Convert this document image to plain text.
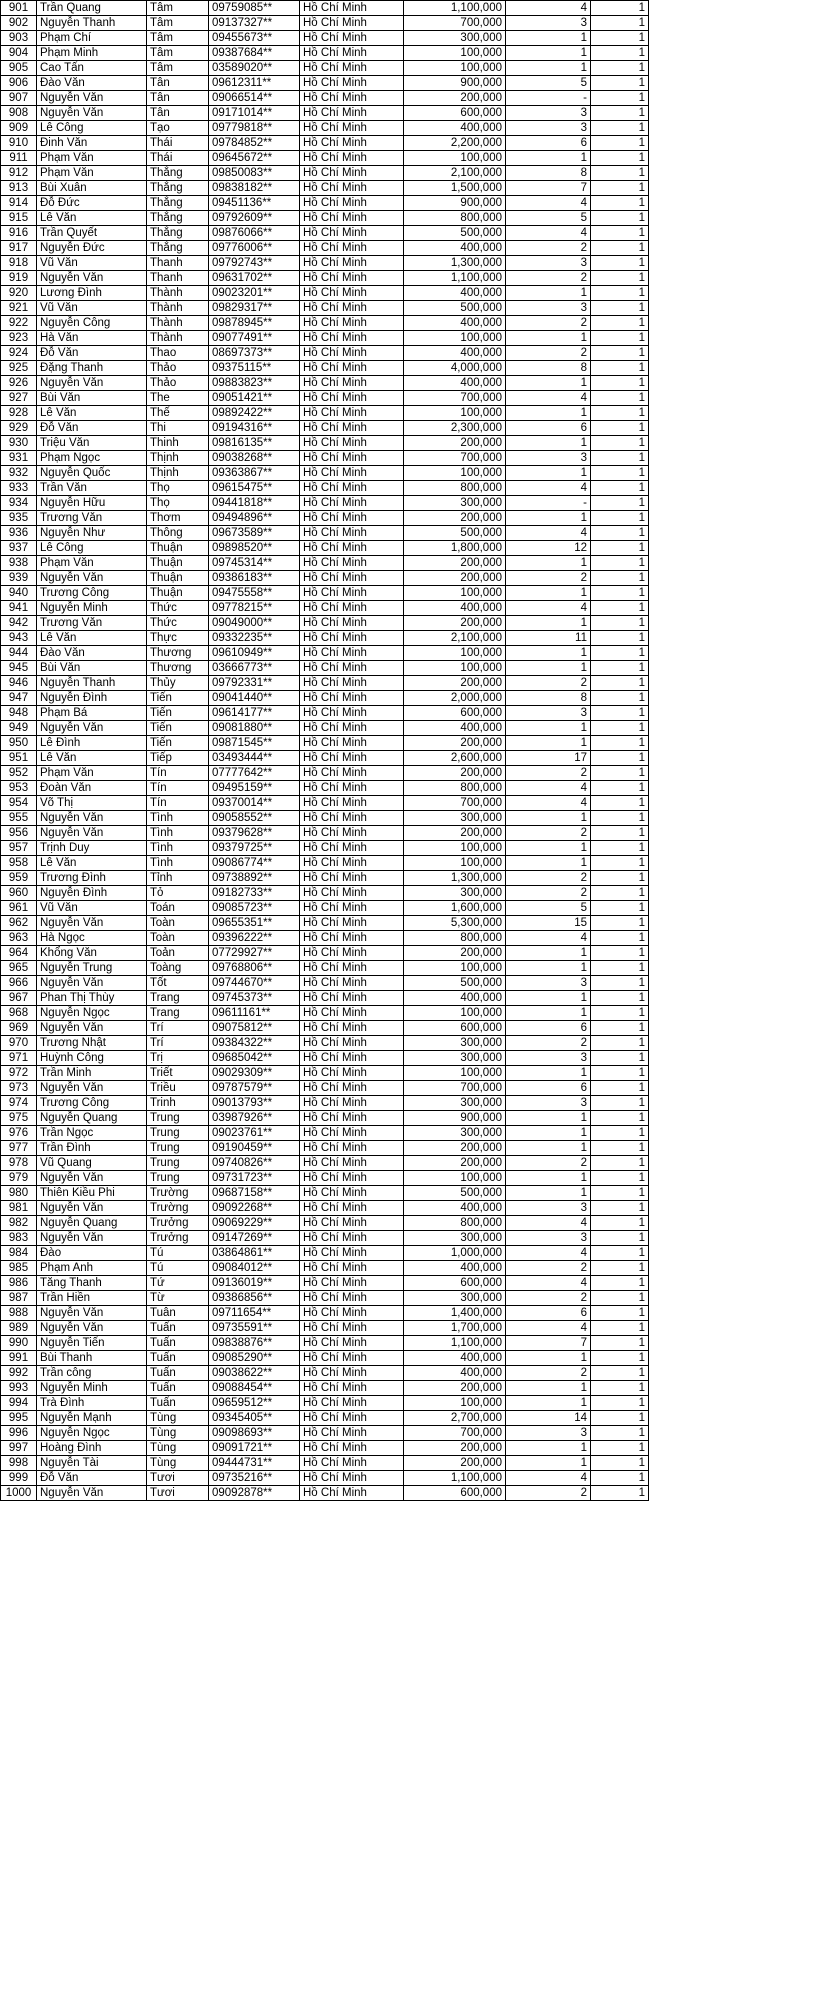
901	Trần Quang	Tâm	09759085**	Hồ Chí Minh	1,100,000	4	1
902	Nguyễn Thanh	Tâm	09137327**	Hồ Chí Minh	700,000	3	1
903	Phạm Chí	Tâm	09455673**	Hồ Chí Minh	300,000	1	1
904	Phạm Minh	Tâm	09387684**	Hồ Chí Minh	100,000	1	1
905	Cao Tấn	Tâm	03589020**	Hồ Chí Minh	100,000	1	1
906	Đào Văn	Tân	09612311**	Hồ Chí Minh	900,000	5	1
907	Nguyễn Văn	Tân	09066514**	Hồ Chí Minh	200,000	-	1
908	Nguyễn Văn	Tân	09171014**	Hồ Chí Minh	600,000	3	1
909	Lê Công	Tạo	09779818**	Hồ Chí Minh	400,000	3	1
910	Đinh Văn	Thái	09784852**	Hồ Chí Minh	2,200,000	6	1
911	Phạm Văn	Thái	09645672**	Hồ Chí Minh	100,000	1	1
912	Phạm Văn	Thắng	09850083**	Hồ Chí Minh	2,100,000	8	1
913	Bùi Xuân	Thắng	09838182**	Hồ Chí Minh	1,500,000	7	1
914	Đỗ Đức	Thắng	09451136**	Hồ Chí Minh	900,000	4	1
915	Lê Văn	Thắng	09792609**	Hồ Chí Minh	800,000	5	1
916	Trần Quyết	Thắng	09876066**	Hồ Chí Minh	500,000	4	1
917	Nguyễn Đức	Thắng	09776006**	Hồ Chí Minh	400,000	2	1
918	Vũ Văn	Thanh	09792743**	Hồ Chí Minh	1,300,000	3	1
919	Nguyễn Văn	Thanh	09631702**	Hồ Chí Minh	1,100,000	2	1
920	Lương Đình	Thành	09023201**	Hồ Chí Minh	400,000	1	1
921	Vũ Văn	Thành	09829317**	Hồ Chí Minh	500,000	3	1
922	Nguyễn Công	Thành	09878945**	Hồ Chí Minh	400,000	2	1
923	Hà Văn	Thành	09077491**	Hồ Chí Minh	100,000	1	1
924	Đỗ Văn	Thao	08697373**	Hồ Chí Minh	400,000	2	1
925	Đặng Thanh	Thảo	09375115**	Hồ Chí Minh	4,000,000	8	1
926	Nguyễn Văn	Thảo	09883823**	Hồ Chí Minh	400,000	1	1
927	Bùi Văn	The	09051421**	Hồ Chí Minh	700,000	4	1
928	Lê Văn	Thế	09892422**	Hồ Chí Minh	100,000	1	1
929	Đỗ Văn	Thi	09194316**	Hồ Chí Minh	2,300,000	6	1
930	Triệu Văn	Thinh	09816135**	Hồ Chí Minh	200,000	1	1
931	Phạm Ngọc	Thịnh	09038268**	Hồ Chí Minh	700,000	3	1
932	Nguyễn Quốc	Thịnh	09363867**	Hồ Chí Minh	100,000	1	1
933	Trần Văn	Thọ	09615475**	Hồ Chí Minh	800,000	4	1
934	Nguyễn Hữu	Thọ	09441818**	Hồ Chí Minh	300,000	-	1
935	Trương Văn	Thơm	09494896**	Hồ Chí Minh	200,000	1	1
936	Nguyễn Như	Thông	09673589**	Hồ Chí Minh	500,000	4	1
937	Lê Công	Thuận	09898520**	Hồ Chí Minh	1,800,000	12	1
938	Phạm Văn	Thuận	09745314**	Hồ Chí Minh	200,000	1	1
939	Nguyễn Văn	Thuận	09386183**	Hồ Chí Minh	200,000	2	1
940	Trương Công	Thuận	09475558**	Hồ Chí Minh	100,000	1	1
941	Nguyễn Minh	Thức	09778215**	Hồ Chí Minh	400,000	4	1
942	Trương Văn	Thức	09049000**	Hồ Chí Minh	200,000	1	1
943	Lê Văn	Thực	09332235**	Hồ Chí Minh	2,100,000	11	1
944	Đào Văn	Thương	09610949**	Hồ Chí Minh	100,000	1	1
945	Bùi Văn	Thương	03666773**	Hồ Chí Minh	100,000	1	1
946	Nguyễn Thanh	Thủy	09792331**	Hồ Chí Minh	200,000	2	1
947	Nguyễn Đình	Tiến	09041440**	Hồ Chí Minh	2,000,000	8	1
948	Phạm Bá	Tiến	09614177**	Hồ Chí Minh	600,000	3	1
949	Nguyễn Văn	Tiến	09081880**	Hồ Chí Minh	400,000	1	1
950	Lê Đình	Tiến	09871545**	Hồ Chí Minh	200,000	1	1
951	Lê Văn	Tiếp	03493444**	Hồ Chí Minh	2,600,000	17	1
952	Phạm Văn	Tín	07777642**	Hồ Chí Minh	200,000	2	1
953	Đoàn Văn	Tín	09495159**	Hồ Chí Minh	800,000	4	1
954	Võ Thị	Tín	09370014**	Hồ Chí Minh	700,000	4	1
955	Nguyễn Văn	Tình	09058552**	Hồ Chí Minh	300,000	1	1
956	Nguyễn Văn	Tình	09379628**	Hồ Chí Minh	200,000	2	1
957	Trịnh Duy	Tình	09379725**	Hồ Chí Minh	100,000	1	1
958	Lê Văn	Tình	09086774**	Hồ Chí Minh	100,000	1	1
959	Trương Đình	Tỉnh	09738892**	Hồ Chí Minh	1,300,000	2	1
960	Nguyễn Đình	Tỏ	09182733**	Hồ Chí Minh	300,000	2	1
961	Vũ Văn	Toán	09085723**	Hồ Chí Minh	1,600,000	5	1
962	Nguyễn Văn	Toàn	09655351**	Hồ Chí Minh	5,300,000	15	1
963	Hà Ngọc	Toàn	09396222**	Hồ Chí Minh	800,000	4	1
964	Khổng Văn	Toản	07729927**	Hồ Chí Minh	200,000	1	1
965	Nguyễn Trung	Toàng	09768806**	Hồ Chí Minh	100,000	1	1
966	Nguyễn Văn	Tốt	09744670**	Hồ Chí Minh	500,000	3	1
967	Phan Thị Thùy	Trang	09745373**	Hồ Chí Minh	400,000	1	1
968	Nguyễn Ngọc	Trang	09611161**	Hồ Chí Minh	100,000	1	1
969	Nguyễn Văn	Trí	09075812**	Hồ Chí Minh	600,000	6	1
970	Trương Nhật	Trí	09384322**	Hồ Chí Minh	300,000	2	1
971	Huỳnh Công	Trị	09685042**	Hồ Chí Minh	300,000	3	1
972	Trần Minh	Triết	09029309**	Hồ Chí Minh	100,000	1	1
973	Nguyễn Văn	Triều	09787579**	Hồ Chí Minh	700,000	6	1
974	Trương Công	Trinh	09013793**	Hồ Chí Minh	300,000	3	1
975	Nguyễn Quang	Trung	03987926**	Hồ Chí Minh	900,000	1	1
976	Trần Ngọc	Trung	09023761**	Hồ Chí Minh	300,000	1	1
977	Trần Đình	Trung	09190459**	Hồ Chí Minh	200,000	1	1
978	Vũ Quang	Trung	09740826**	Hồ Chí Minh	200,000	2	1
979	Nguyễn Văn	Trung	09731723**	Hồ Chí Minh	100,000	1	1
980	Thiên Kiều Phi	Trường	09687158**	Hồ Chí Minh	500,000	1	1
981	Nguyễn Văn	Trường	09092268**	Hồ Chí Minh	400,000	3	1
982	Nguyễn Quang	Trưởng	09069229**	Hồ Chí Minh	800,000	4	1
983	Nguyễn Văn	Trưởng	09147269**	Hồ Chí Minh	300,000	3	1
984	Đào	Tú	03864861**	Hồ Chí Minh	1,000,000	4	1
985	Phạm Anh	Tú	09084012**	Hồ Chí Minh	400,000	2	1
986	Tăng Thanh	Tứ	09136019**	Hồ Chí Minh	600,000	4	1
987	Trần Hiền	Từ	09386856**	Hồ Chí Minh	300,000	2	1
988	Nguyễn Văn	Tuân	09711654**	Hồ Chí Minh	1,400,000	6	1
989	Nguyễn Văn	Tuấn	09735591**	Hồ Chí Minh	1,700,000	4	1
990	Nguyễn Tiến	Tuấn	09838876**	Hồ Chí Minh	1,100,000	7	1
991	Bùi Thanh	Tuấn	09085290**	Hồ Chí Minh	400,000	1	1
992	Trần công	Tuấn	09038622**	Hồ Chí Minh	400,000	2	1
993	Nguyễn Minh	Tuấn	09088454**	Hồ Chí Minh	200,000	1	1
994	Trà Đình	Tuấn	09659512**	Hồ Chí Minh	100,000	1	1
995	Nguyễn Mạnh	Tùng	09345405**	Hồ Chí Minh	2,700,000	14	1
996	Nguyễn Ngọc	Tùng	09098693**	Hồ Chí Minh	700,000	3	1
997	Hoàng Đình	Tùng	09091721**	Hồ Chí Minh	200,000	1	1
998	Nguyễn Tài	Tùng	09444731**	Hồ Chí Minh	200,000	1	1
999	Đỗ Văn	Tươi	09735216**	Hồ Chí Minh	1,100,000	4	1
1000	Nguyễn Văn	Tươi	09092878**	Hồ Chí Minh	600,000	2	1
